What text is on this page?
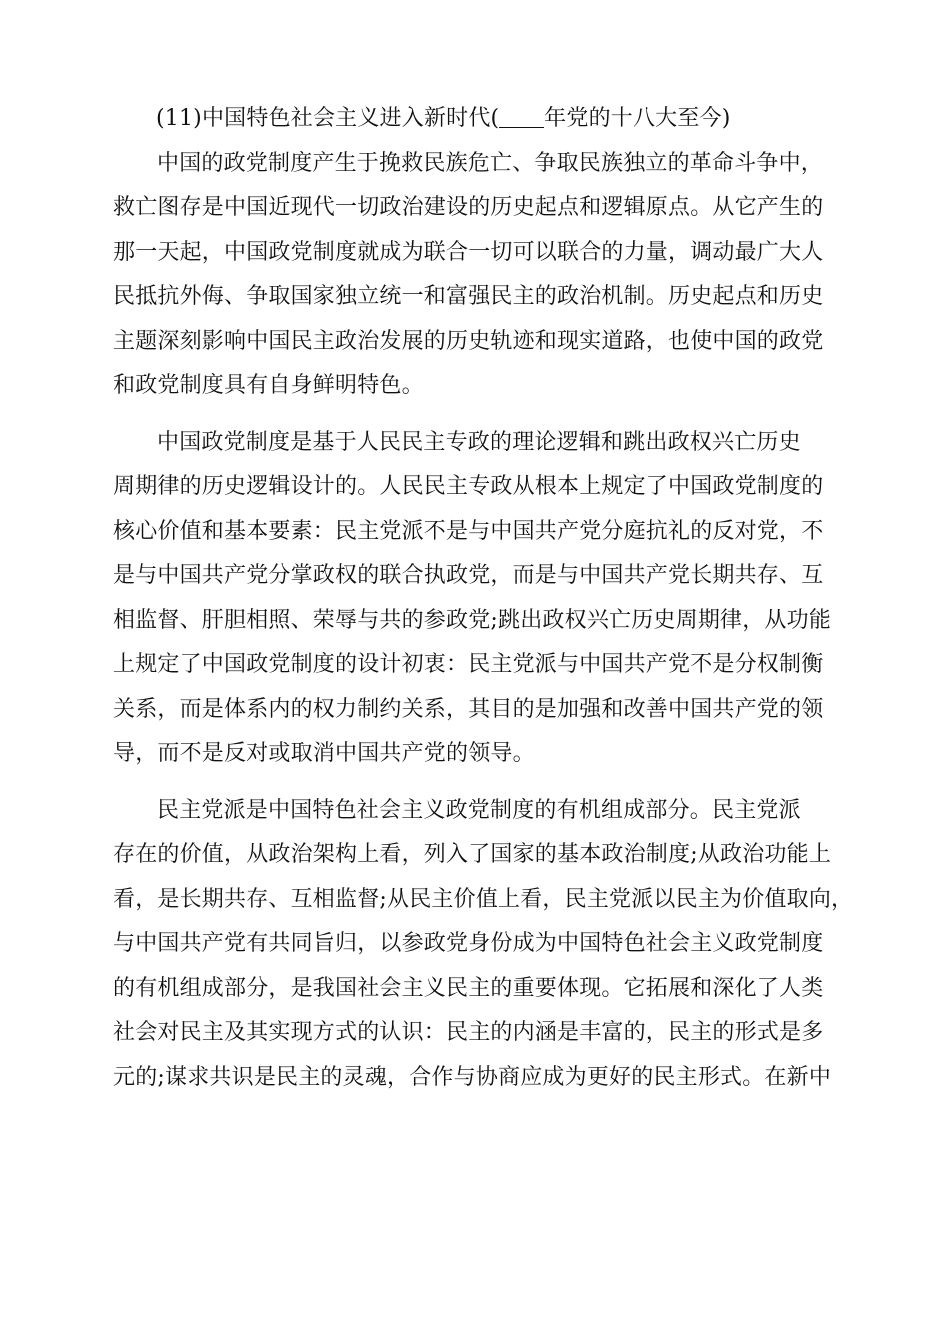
(11)中国特色社会主义进入新时代( 年党的十八大至今)
中国的政党制度产生于挽救民族危亡、争取民族独立的革命斗争中，
救亡图存是中国近现代一切政治建设的历史起点和逻辑原点。从它产生的
那一天起，中国政党制度就成为联合一切可以联合的力量，调动最广大人
民抵抗外侮、争取国家独立统一和富强民主的政治机制。历史起点和历史
主题深刻影响中国民主政治发展的历史轨迹和现实道路，也使中国的政党
和政党制度具有自身鲜明特色。
中国政党制度是基于人民民主专政的理论逻辑和跳出政权兴亡历史
周期律的历史逻辑设计的。人民民主专政从根本上规定了中国政党制度的
核心价值和基本要素：民主党派不是与中国共产党分庭抗礼的反对党，不
是与中国共产党分掌政权的联合执政党，而是与中国共产党长期共存、互
相监督、肝胆相照、荣辱与共的参政党;跳出政权兴亡历史周期律，从功能
上规定了中国政党制度的设计初衷：民主党派与中国共产党不是分权制衡
关系，而是体系内的权力制约关系，其目的是加强和改善中国共产党的领
导，而不是反对或取消中国共产党的领导。
民主党派是中国特色社会主义政党制度的有机组成部分。民主党派
存在的价值，从政治架构上看，列入了国家的基本政治制度;从政治功能上
看，是长期共存、互相监督;从民主价值上看，民主党派以民主为价值取向，
与中国共产党有共同旨归，以参政党身份成为中国特色社会主义政党制度
的有机组成部分，是我国社会主义民主的重要体现。它拓展和深化了人类
社会对民主及其实现方式的认识：民主的内涵是丰富的，民主的形式是多
元的;谋求共识是民主的灵魂，合作与协商应成为更好的民主形式。在新中
